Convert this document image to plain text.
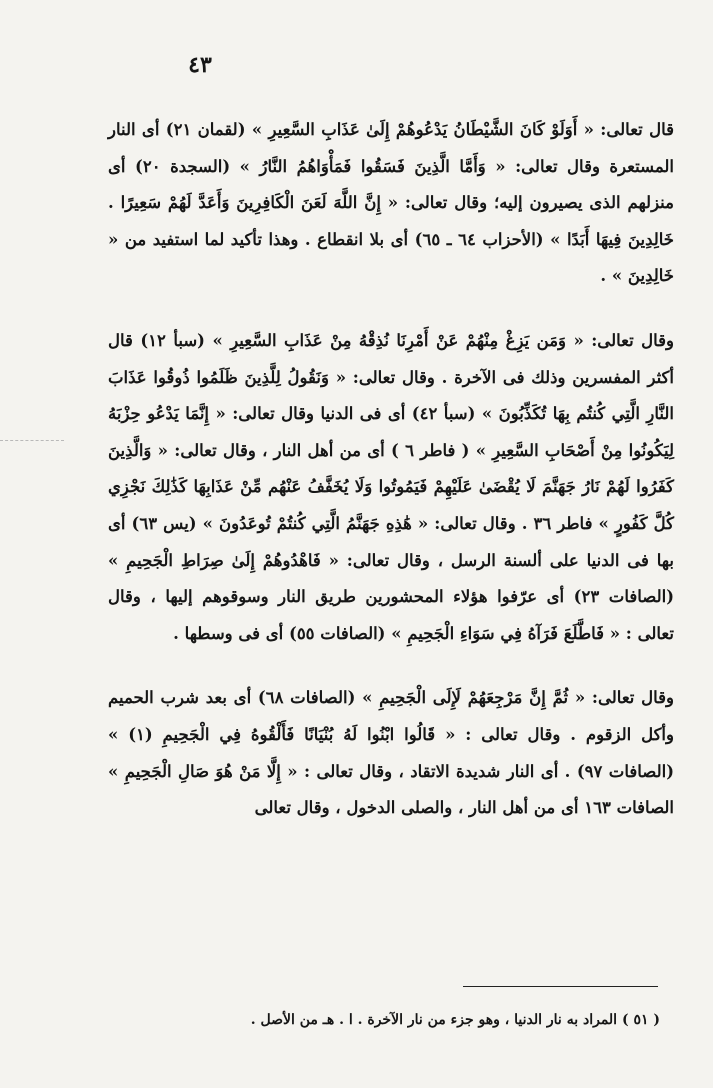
٤٣

قال تعالى: « أَوَلَوْ كَانَ الشَّيْطَانُ يَدْعُوهُمْ إِلَىٰ عَذَابِ السَّعِيرِ » (لقمان ٢١) أى النار المستعرة وقال تعالى: « وَأَمَّا الَّذِينَ فَسَقُوا فَمَأْوَاهُمُ النَّارُ » (السجدة ٢٠) أى منزلهم الذى يصيرون إليه؛ وقال تعالى: « إِنَّ اللَّهَ لَعَنَ الْكَافِرِينَ وَأَعَدَّ لَهُمْ سَعِيرًا . خَالِدِينَ فِيهَا أَبَدًا » (الأحزاب ٦٤ ـ ٦٥) أى بلا انقطاع . وهذا تأكيد لما استفيد من « خَالِدِينَ » .

وقال تعالى: « وَمَن يَزِغْ مِنْهُمْ عَنْ أَمْرِنَا نُذِقْهُ مِنْ عَذَابِ السَّعِيرِ » (سبأ ١٢) قال أكثر المفسرين وذلك فى الآخرة . وقال تعالى: « وَنَقُولُ لِلَّذِينَ ظَلَمُوا ذُوقُوا عَذَابَ النَّارِ الَّتِي كُنتُم بِهَا تُكَذِّبُونَ » (سبأ ٤٢) أى فى الدنيا وقال تعالى: « إِنَّمَا يَدْعُو حِزْبَهُ لِيَكُونُوا مِنْ أَصْحَابِ السَّعِيرِ » ( فاطر ٦ ) أى من أهل النار ، وقال تعالى: « وَالَّذِينَ كَفَرُوا لَهُمْ نَارُ جَهَنَّمَ لَا يُقْضَىٰ عَلَيْهِمْ فَيَمُوتُوا وَلَا يُخَفَّفُ عَنْهُم مِّنْ عَذَابِهَا كَذَٰلِكَ نَجْزِي كُلَّ كَفُورٍ » فاطر ٣٦ . وقال تعالى: « هَٰذِهِ جَهَنَّمُ الَّتِي كُنتُمْ تُوعَدُونَ » (يس ٦٣) أى بها فى الدنيا على ألسنة الرسل ، وقال تعالى: « فَاهْدُوهُمْ إِلَىٰ صِرَاطِ الْجَحِيمِ » (الصافات ٢٣) أى عرّفوا هؤلاء المحشورين طريق النار وسوقوهم إليها ، وقال تعالى : « فَاطَّلَعَ فَرَآهُ فِي سَوَاءِ الْجَحِيمِ » (الصافات ٥٥) أى فى وسطها .

وقال تعالى: « ثُمَّ إِنَّ مَرْجِعَهُمْ لَإِلَى الْجَحِيمِ » (الصافات ٦٨) أى بعد شرب الحميم وأكل الزقوم . وقال تعالى : « قَالُوا ابْنُوا لَهُ بُنْيَانًا فَأَلْقُوهُ فِي الْجَحِيمِ (١) » (الصافات ٩٧) . أى النار شديدة الاتقاد ، وقال تعالى : « إِلَّا مَنْ هُوَ صَالِ الْجَحِيمِ » الصافات ١٦٣ أى من أهل النار ، والصلى الدخول ، وقال تعالى

( ٥١ ) المراد به نار الدنيا ، وهو جزء من نار الآخرة . ا . هـ من الأصل .
